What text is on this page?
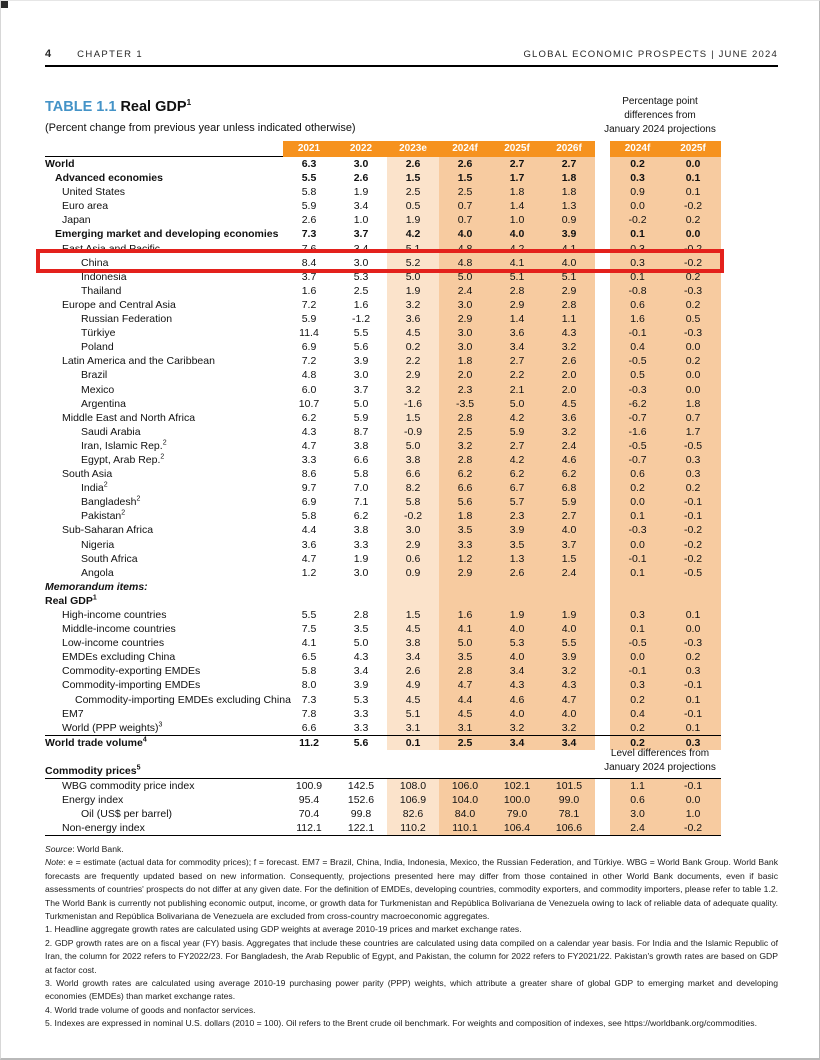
4	CHAPTER 1	GLOBAL ECONOMIC PROSPECTS | JUNE 2024
TABLE 1.1 Real GDP$^1$
(Percent change from previous year unless indicated otherwise)
Percentage point
differences from
January 2024 projections
	2021	2022	2023e	2024f	2025f	2026f		2024f	2025f
World	6.3	3.0	2.6	2.6	2.7	2.7		0.2	0.0
Advanced economies	5.5	2.6	1.5	1.5	1.7	1.8		0.3	0.1
United States	5.8	1.9	2.5	2.5	1.8	1.8		0.9	0.1
Euro area	5.9	3.4	0.5	0.7	1.4	1.3		0.0	-0.2
Japan	2.6	1.0	1.9	0.7	1.0	0.9		-0.2	0.2
Emerging market and developing economies	7.3	3.7	4.2	4.0	4.0	3.9		0.1	0.0
East Asia and Pacific	7.6	3.4	5.1	4.8	4.2	4.1		0.3	-0.2
China	8.4	3.0	5.2	4.8	4.1	4.0		0.3	-0.2
Indonesia	3.7	5.3	5.0	5.0	5.1	5.1		0.1	0.2
Thailand	1.6	2.5	1.9	2.4	2.8	2.9		-0.8	-0.3
Europe and Central Asia	7.2	1.6	3.2	3.0	2.9	2.8		0.6	0.2
Russian Federation	5.9	-1.2	3.6	2.9	1.4	1.1		1.6	0.5
Türkiye	11.4	5.5	4.5	3.0	3.6	4.3		-0.1	-0.3
Poland	6.9	5.6	0.2	3.0	3.4	3.2		0.4	0.0
Latin America and the Caribbean	7.2	3.9	2.2	1.8	2.7	2.6		-0.5	0.2
Brazil	4.8	3.0	2.9	2.0	2.2	2.0		0.5	0.0
Mexico	6.0	3.7	3.2	2.3	2.1	2.0		-0.3	0.0
Argentina	10.7	5.0	-1.6	-3.5	5.0	4.5		-6.2	1.8
Middle East and North Africa	6.2	5.9	1.5	2.8	4.2	3.6		-0.7	0.7
Saudi Arabia	4.3	8.7	-0.9	2.5	5.9	3.2		-1.6	1.7
Iran, Islamic Rep.$^2$	4.7	3.8	5.0	3.2	2.7	2.4		-0.5	-0.5
Egypt, Arab Rep.$^2$	3.3	6.6	3.8	2.8	4.2	4.6		-0.7	0.3
South Asia	8.6	5.8	6.6	6.2	6.2	6.2		0.6	0.3
India$^2$	9.7	7.0	8.2	6.6	6.7	6.8		0.2	0.2
Bangladesh$^2$	6.9	7.1	5.8	5.6	5.7	5.9		0.0	-0.1
Pakistan$^2$	5.8	6.2	-0.2	1.8	2.3	2.7		0.1	-0.1
Sub-Saharan Africa	4.4	3.8	3.0	3.5	3.9	4.0		-0.3	-0.2
Nigeria	3.6	3.3	2.9	3.3	3.5	3.7		0.0	-0.2
South Africa	4.7	1.9	0.6	1.2	1.3	1.5		-0.1	-0.2
Angola	1.2	3.0	0.9	2.9	2.6	2.4		0.1	-0.5
Memorandum items:									
Real GDP$^1$									
High-income countries	5.5	2.8	1.5	1.6	1.9	1.9		0.3	0.1
Middle-income countries	7.5	3.5	4.5	4.1	4.0	4.0		0.1	0.0
Low-income countries	4.1	5.0	3.8	5.0	5.3	5.5		-0.5	-0.3
EMDEs excluding China	6.5	4.3	3.4	3.5	4.0	3.9		0.0	0.2
Commodity-exporting EMDEs	5.8	3.4	2.6	2.8	3.4	3.2		-0.1	0.3
Commodity-importing EMDEs	8.0	3.9	4.9	4.7	4.3	4.3		0.3	-0.1
Commodity-importing EMDEs excluding China	7.3	5.3	4.5	4.4	4.6	4.7		0.2	0.1
EM7	7.8	3.3	5.1	4.5	4.0	4.0		0.4	-0.1
World (PPP weights)$^3$	6.6	3.3	3.1	3.1	3.2	3.2		0.2	0.1
World trade volume$^4$	11.2	5.6	0.1	2.5	3.4	3.4		0.2	0.3
Level differences from
January 2024 projections
Commodity prices$^5$									
WBG commodity price index	100.9	142.5	108.0	106.0	102.1	101.5		1.1	-0.1
Energy index	95.4	152.6	106.9	104.0	100.0	99.0		0.6	0.0
Oil (US$ per barrel)	70.4	99.8	82.6	84.0	79.0	78.1		3.0	1.0
Non-energy index	112.1	122.1	110.2	110.1	106.4	106.6		2.4	-0.2

Source: World Bank.

Note: e = estimate (actual data for commodity prices); f = forecast. EM7 = Brazil, China, India, Indonesia, Mexico, the Russian Federation, and Türkiye. WBG = World Bank Group. World Bank forecasts are frequently updated based on new information. Consequently, projections presented here may differ from those contained in other World Bank documents, even if basic assessments of countries' prospects do not differ at any given date. For the definition of EMDEs, developing countries, commodity exporters, and commodity importers, please refer to table 1.2. The World Bank is currently not publishing economic output, income, or growth data for Turkmenistan and República Bolivariana de Venezuela owing to lack of reliable data of adequate quality. Turkmenistan and República Bolivariana de Venezuela are excluded from cross-country macroeconomic aggregates.

1. Headline aggregate growth rates are calculated using GDP weights at average 2010-19 prices and market exchange rates.

2. GDP growth rates are on a fiscal year (FY) basis. Aggregates that include these countries are calculated using data compiled on a calendar year basis. For India and the Islamic Republic of Iran, the column for 2022 refers to FY2022/23. For Bangladesh, the Arab Republic of Egypt, and Pakistan, the column for 2022 refers to FY2021/22. Pakistan's growth rates are based on GDP at factor cost.

3. World growth rates are calculated using average 2010-19 purchasing power parity (PPP) weights, which attribute a greater share of global GDP to emerging market and developing economies (EMDEs) than market exchange rates.

4. World trade volume of goods and nonfactor services.

5. Indexes are expressed in nominal U.S. dollars (2010 = 100). Oil refers to the Brent crude oil benchmark. For weights and composition of indexes, see https://worldbank.org/commodities.
